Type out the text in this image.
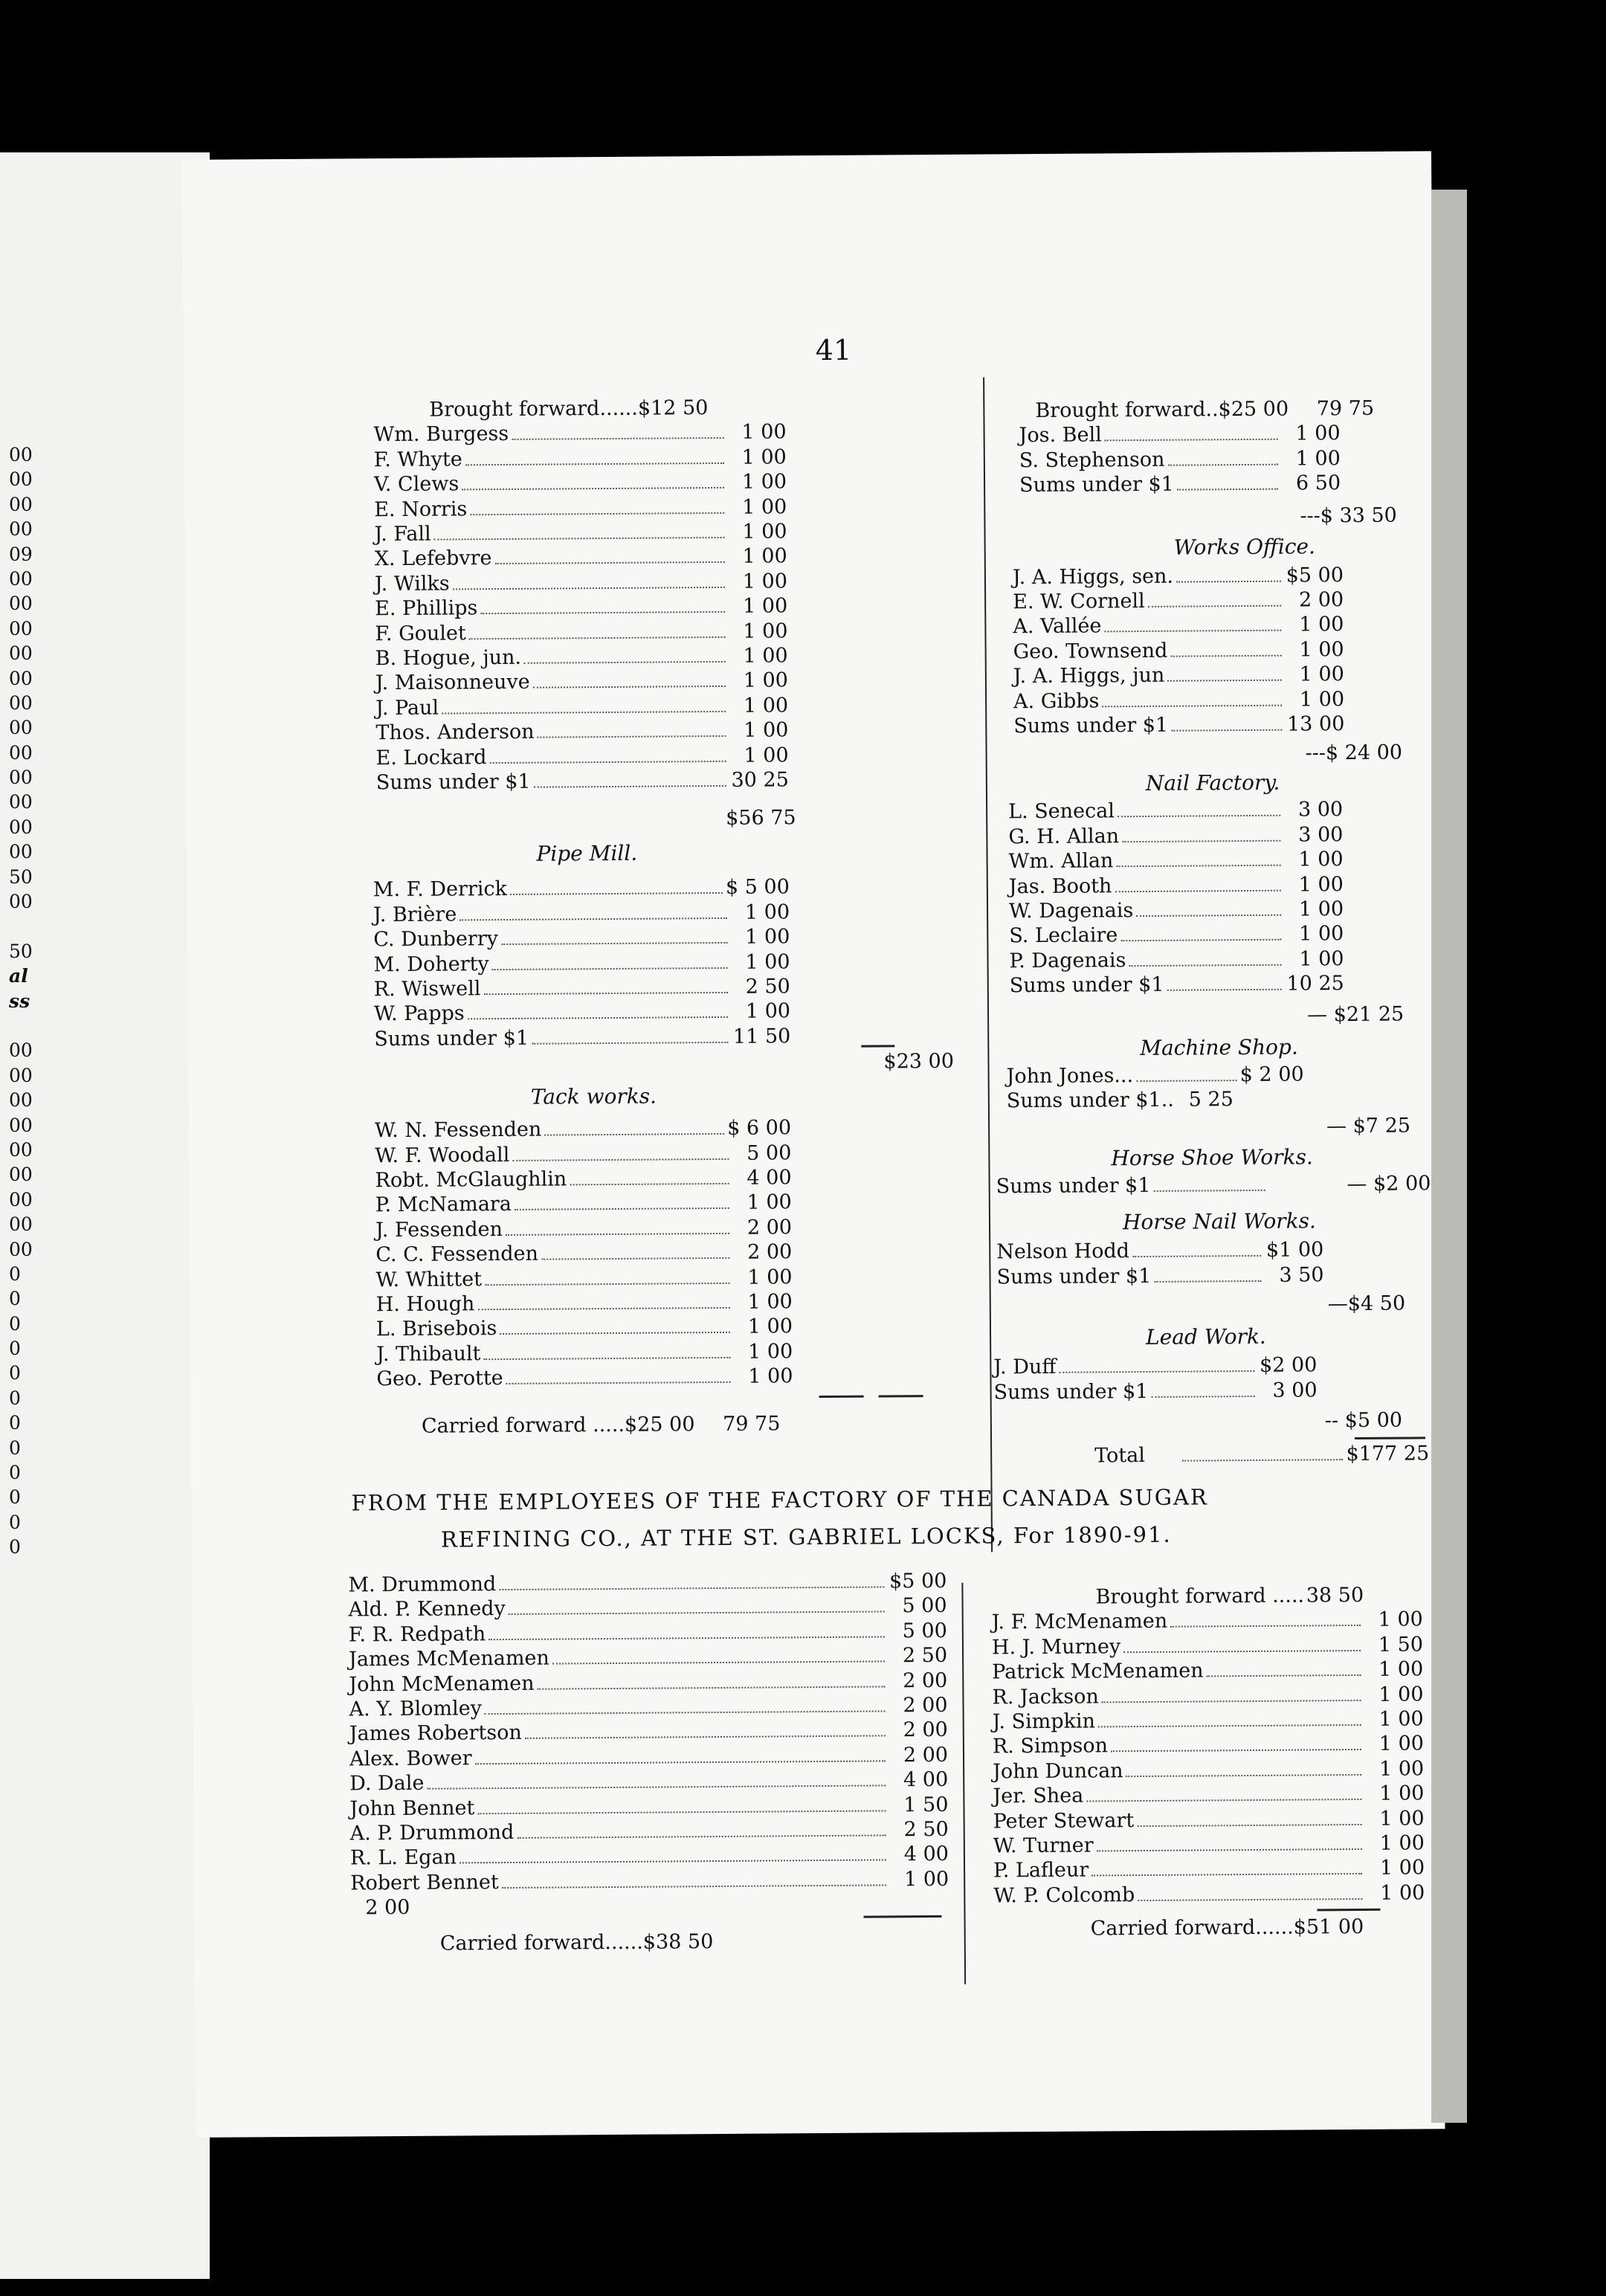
00
00
00
00
09
00
00
00
00
00
00
00
00
00
00
00
00
50
00
50
al
ss
00
00
00
00
00
00
00
00
00
0
0
0
0
0
0
0
0
0
0
0
0
41
Brought forward...... $12 50
Wm. Burgess	1 00
F. Whyte	1 00
V. Clews	1 00
E. Norris	1 00
J. Fall	1 00
X. Lefebvre	1 00
J. Wilks	1 00
E. Phillips	1 00
F. Goulet	1 00
B. Hogue, jun.	1 00
J. Maisonneuve	1 00
J. Paul	1 00
Thos. Anderson	1 00
E. Lockard	1 00
Sums under $1	30 25
$56 75
Pipe Mill.
M. F. Derrick	$ 5 00
J. Brière	1 00
C. Dunberry	1 00
M. Doherty	1 00
R. Wiswell	2 50
W. Papps	1 00
Sums under $1	11 50
$23 00
Tack works.
W. N. Fessenden	$ 6 00
W. F. Woodall	5 00
Robt. McGlaughlin	4 00
P. McNamara	1 00
J. Fessenden	2 00
C. C. Fessenden	2 00
W. Whittet	1 00
H. Hough	1 00
L. Brisebois	1 00
J. Thibault	1 00
Geo. Perotte	1 00
Carried forward ..... $25 00	79 75
Brought forward.. $25 00	79 75
Jos. Bell	1 00
S. Stephenson	1 00
Sums under $1	6 50
---$ 33 50
Works Office.
J. A. Higgs, sen.	$5 00
E. W. Cornell	2 00
A. Vallée	1 00
Geo. Townsend	1 00
J. A. Higgs, jun	1 00
A. Gibbs	1 00
Sums under $1	13 00
---$ 24 00
Nail Factory.
L. Senecal	3 00
G. H. Allan	3 00
Wm. Allan	1 00
Jas. Booth	1 00
W. Dagenais	1 00
S. Leclaire	1 00
P. Dagenais	1 00
Sums under $1	10 25
— $21 25
Machine Shop.
John Jones...	$ 2 00
Sums under $1.. 5 25
— $7 25
Horse Shoe Works.
Sums under $1	— $2 00
Horse Nail Works.
Nelson Hodd	$1 00
Sums under $1	3 50
—$4 50
Lead Work.
J. Duff	$2 00
Sums under $1	3 00
-- $5 00
Total	$177 25
FROM THE EMPLOYEES OF THE FACTORY OF THE CANADA SUGAR
REFINING CO., AT THE ST. GABRIEL LOCKS, For 1890-91.
M. Drummond	$5 00
Ald. P. Kennedy	5 00
F. R. Redpath	5 00
James McMenamen	2 50
John McMenamen	2 00
A. Y. Blomley	2 00
James Robertson	2 00
Alex. Bower	2 00
D. Dale	4 00
John Bennet	1 50
A. P. Drummond	2 50
R. L. Egan	4 00
Robert Bennet	1 00
2 00
Carried forward...... $38 50
Brought forward ..... 38 50
J. F. McMenamen	1 00
H. J. Murney	1 50
Patrick McMenamen	1 00
R. Jackson	1 00
J. Simpkin	1 00
R. Simpson	1 00
John Duncan	1 00
Jer. Shea	1 00
Peter Stewart	1 00
W. Turner	1 00
P. Lafleur	1 00
W. P. Colcomb	1 00
Carried forward...... $51 00
